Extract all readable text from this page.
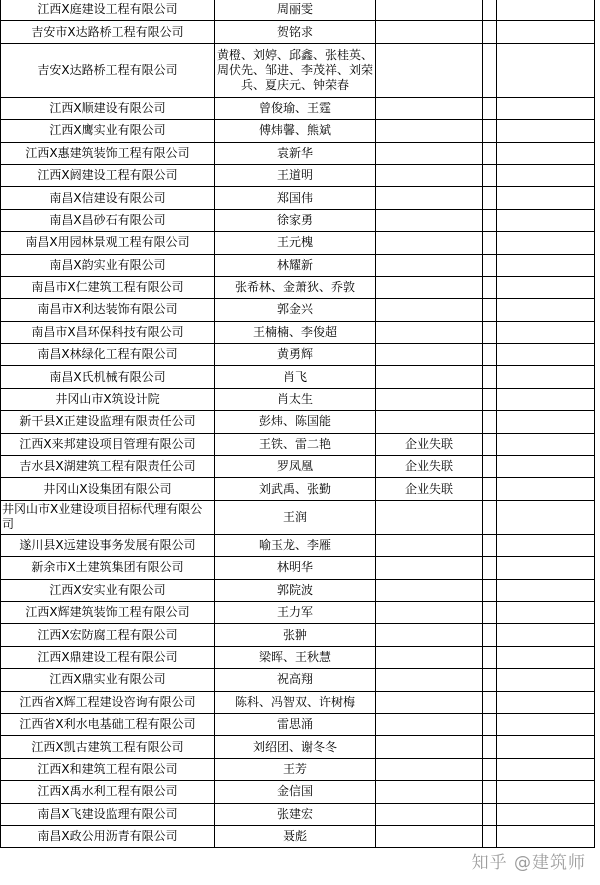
江西X庭建设工程有限公司	周丽雯			
吉安市X达路桥工程有限公司	贺铭求			
吉安X达路桥工程有限公司	黄橙、刘婷、邱鑫、张桂英、周伏先、邹进、李茂祥、刘荣兵、夏庆元、钟荣春			
江西X顺建设有限公司	曾俊瑜、王霆			
江西X鹰实业有限公司	傅炜馨、熊斌			
江西X惠建筑装饰工程有限公司	袁新华			
江西X阏建设工程有限公司	王道明			
南昌X信建设有限公司	郑国伟			
南昌X昌砂石有限公司	徐家勇			
南昌X用园林景观工程有限公司	王元槐			
南昌X韵实业有限公司	林耀新			
南昌市X仁建筑工程有限公司	张希林、金萧狄、乔敦			
南昌市X利达装饰有限公司	郭金兴			
南昌市X昌环保科技有限公司	王楠楠、李俊超			
南昌X林绿化工程有限公司	黄勇辉			
南昌X氏机械有限公司	肖飞			
井冈山市X筑设计院	肖太生			
新干县X正建设监理有限责任公司	彭炜、陈国能			
江西X来邦建设项目管理有限公司	王铁、雷二艳	企业失联		
吉水县X湖建筑工程有限责任公司	罗凤凰	企业失联		
井冈山X设集团有限公司	刘武禹、张勤	企业失联		
井冈山市X业建设项目招标代理有限公司	王润			
遂川县X远建设事务发展有限公司	喻玉龙、李雁			
新余市X土建筑集团有限公司	林明华			
江西X安实业有限公司	郭院波			
江西X辉建筑装饰工程有限公司	王力军			
江西X宏防腐工程有限公司	张翀			
江西X鼎建设工程有限公司	梁晖、王秋慧			
江西X鼎实业有限公司	祝高翔			
江西省X辉工程建设咨询有限公司	陈科、冯智双、许树梅			
江西省X利水电基础工程有限公司	雷思涌			
江西X凯古建筑工程有限公司	刘绍团、谢冬冬			
江西X和建筑工程有限公司	王芳			
江西X禹水利工程有限公司	金信国			
南昌X飞建设监理有限公司	张建宏			
南昌X政公用沥青有限公司	聂彪			
知乎 @建筑师
